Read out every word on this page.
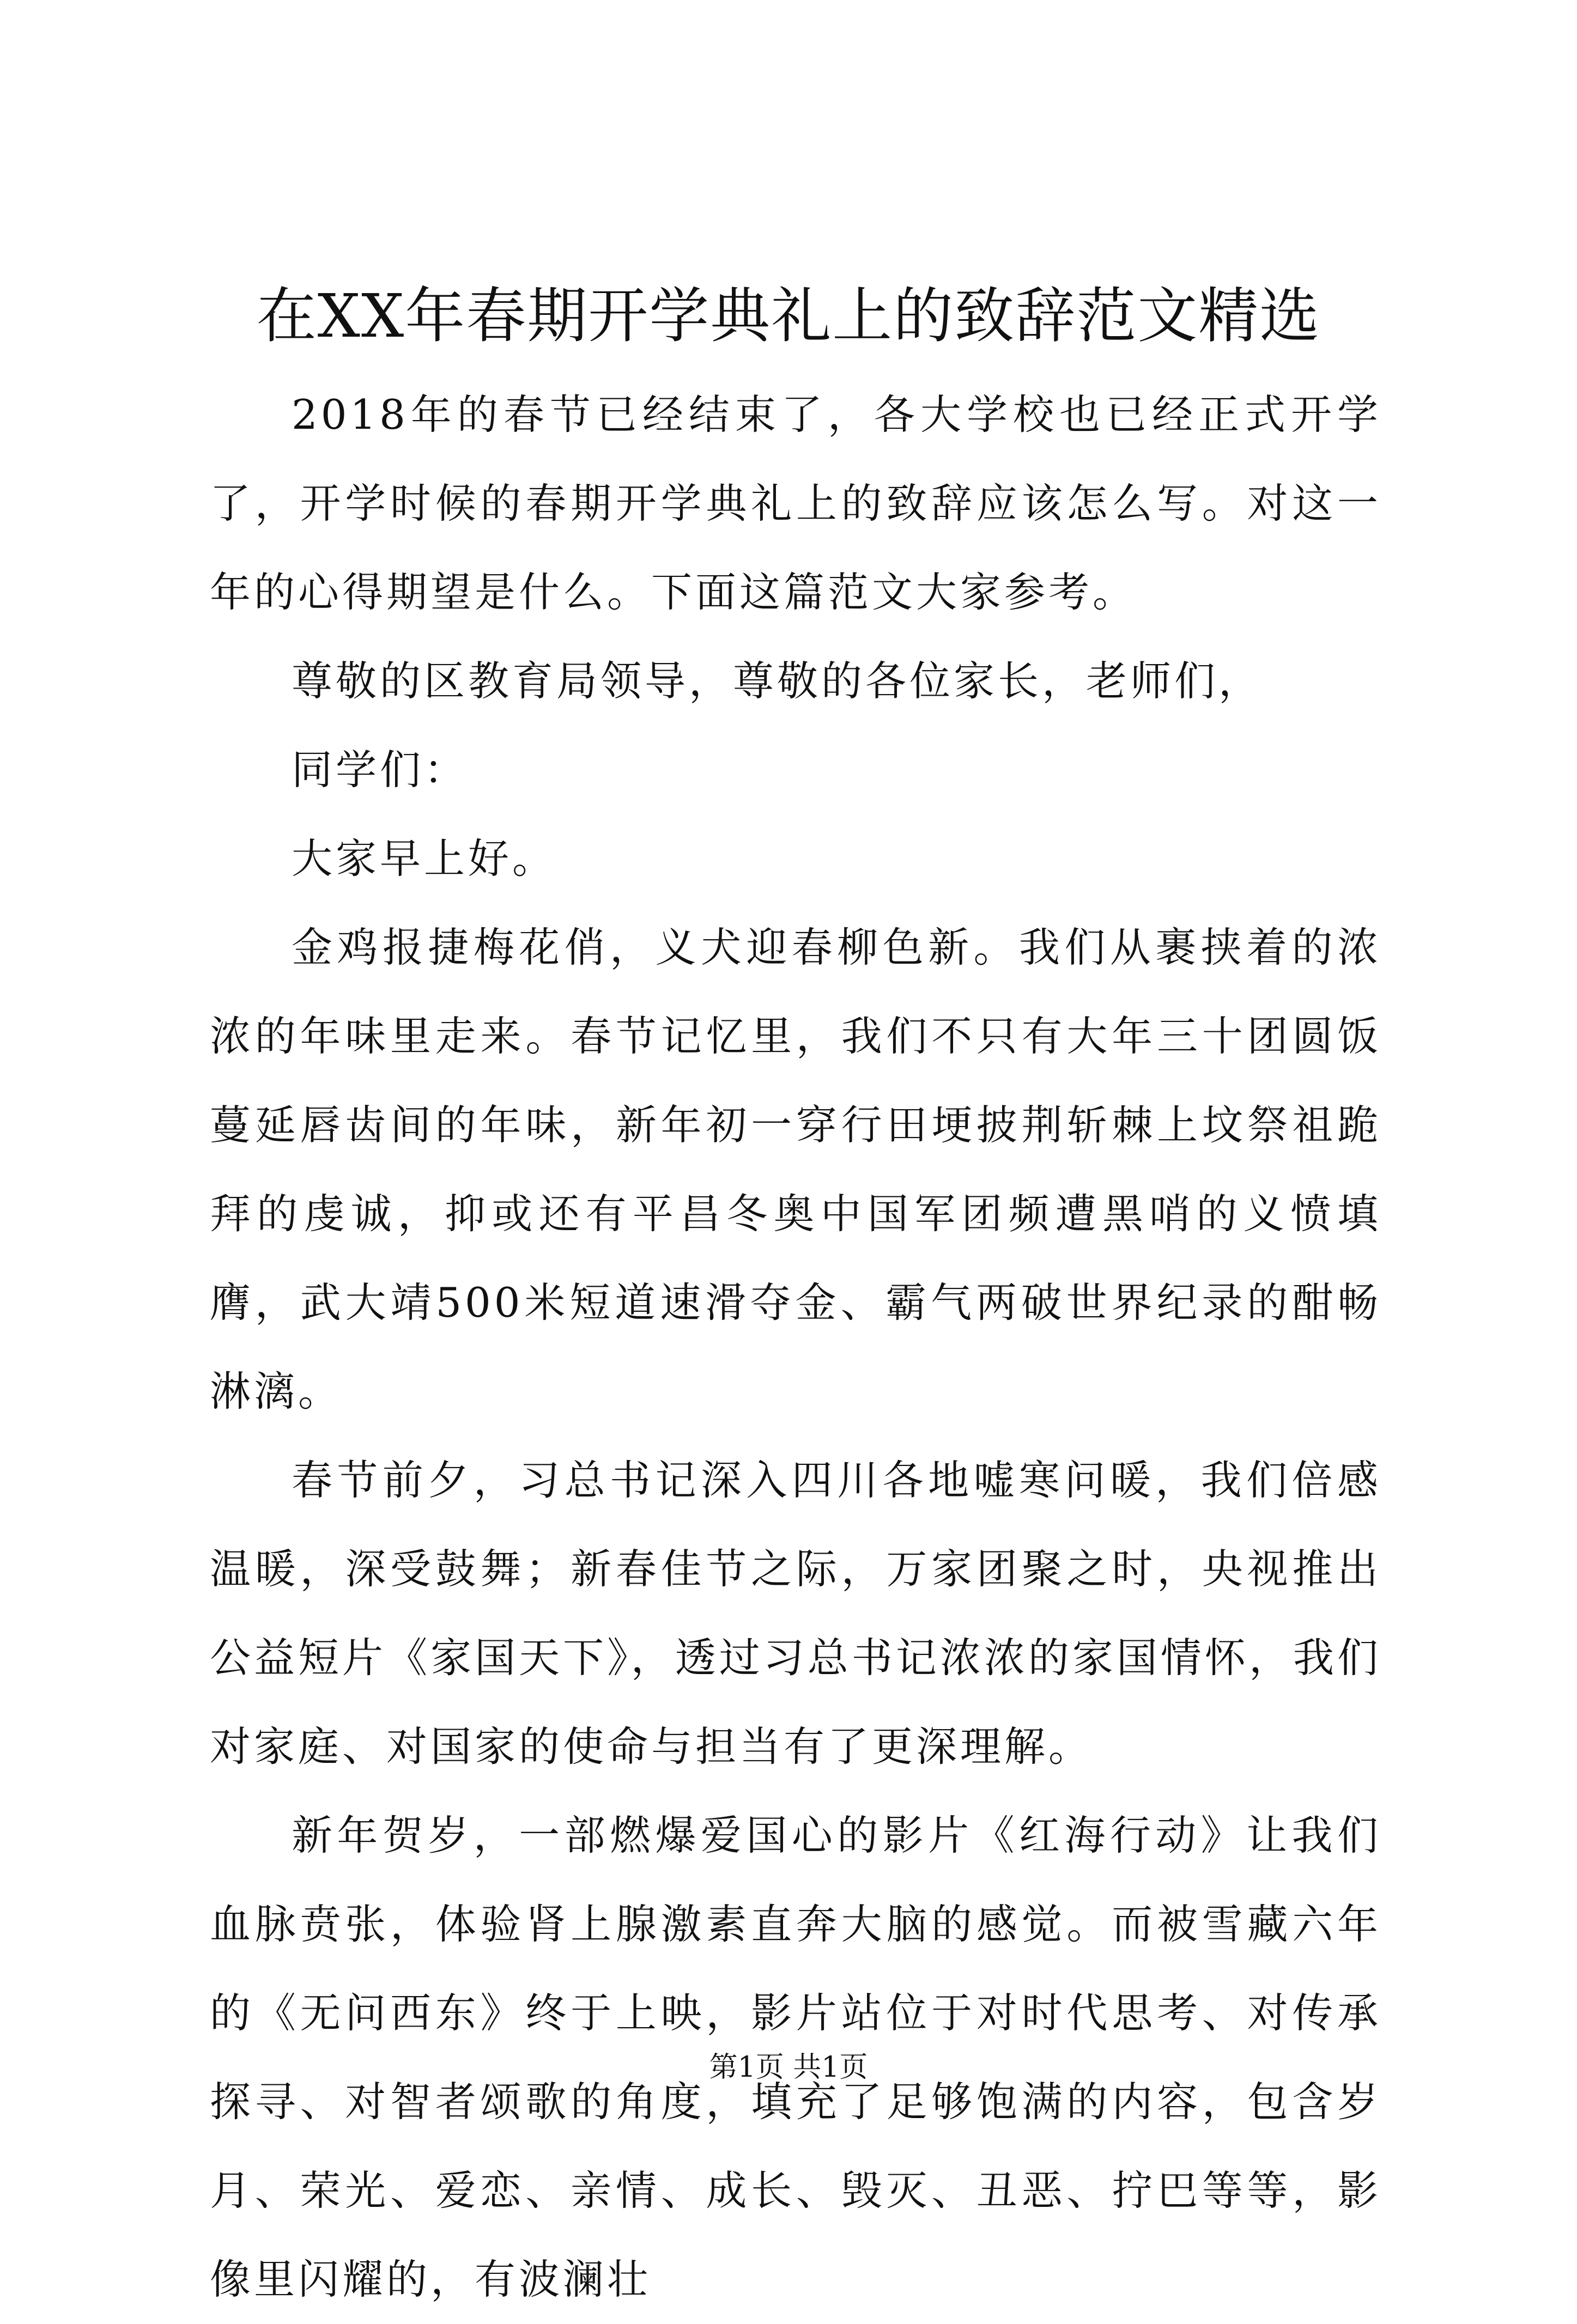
在XX年春期开学典礼上的致辞范文精选

2018年的春节已经结束了，各大学校也已经正式开学了，开学时候的春期开学典礼上的致辞应该怎么写。对这一年的心得期望是什么。下面这篇范文大家参考。

尊敬的区教育局领导，尊敬的各位家长，老师们，

同学们：

大家早上好。

金鸡报捷梅花俏，义犬迎春柳色新。我们从裹挟着的浓浓的年味里走来。春节记忆里，我们不只有大年三十团圆饭蔓延唇齿间的年味，新年初一穿行田埂披荆斩棘上坟祭祖跪拜的虔诚，抑或还有平昌冬奥中国军团频遭黑哨的义愤填膺，武大靖500米短道速滑夺金、霸气两破世界纪录的酣畅淋漓。

春节前夕，习总书记深入四川各地嘘寒问暖，我们倍感温暖，深受鼓舞；新春佳节之际，万家团聚之时，央视推出公益短片《家国天下》，透过习总书记浓浓的家国情怀，我们对家庭、对国家的使命与担当有了更深理解。

新年贺岁，一部燃爆爱国心的影片《红海行动》让我们血脉贲张，体验肾上腺激素直奔大脑的感觉。而被雪藏六年的《无问西东》终于上映，影片站位于对时代思考、对传承探寻、对智者颂歌的角度，填充了足够饱满的内容，包含岁月、荣光、爱恋、亲情、成长、毁灭、丑恶、拧巴等等，影像里闪耀的，有波澜壮

第1页 共1页
